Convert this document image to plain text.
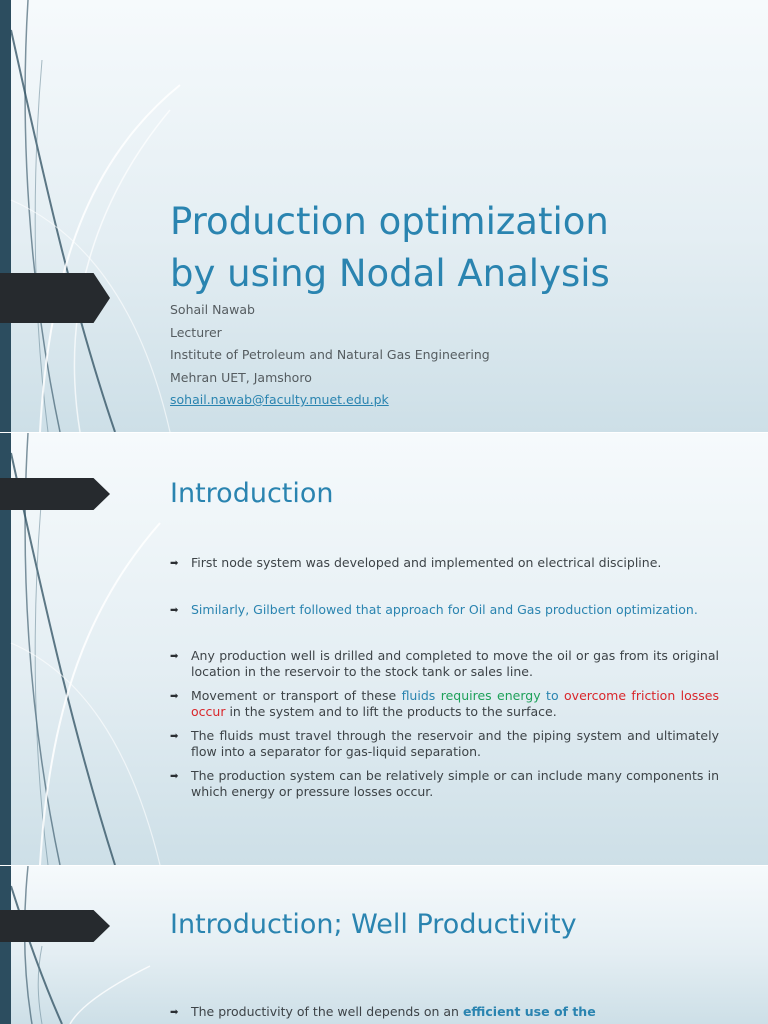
Production optimization
by using Nodal Analysis
Sohail Nawab
Lecturer
Institute of Petroleum and Natural Gas Engineering
Mehran UET, Jamshoro
sohail.nawab@faculty.muet.edu.pk
Introduction
➡ First node system was developed and implemented on electrical discipline.
➡ Similarly, Gilbert followed that approach for Oil and Gas production optimization.
➡ Any production well is drilled and completed to move the oil or gas from its original location in the reservoir to the stock tank or sales line.
➡ Movement or transport of these fluids requires energy to overcome friction losses occur in the system and to lift the products to the surface.
➡ The fluids must travel through the reservoir and the piping system and ultimately flow into a separator for gas-liquid separation.
➡ The production system can be relatively simple or can include many components in which energy or pressure losses occur.
Introduction; Well Productivity
➡ The productivity of the well depends on an efficient use of the
